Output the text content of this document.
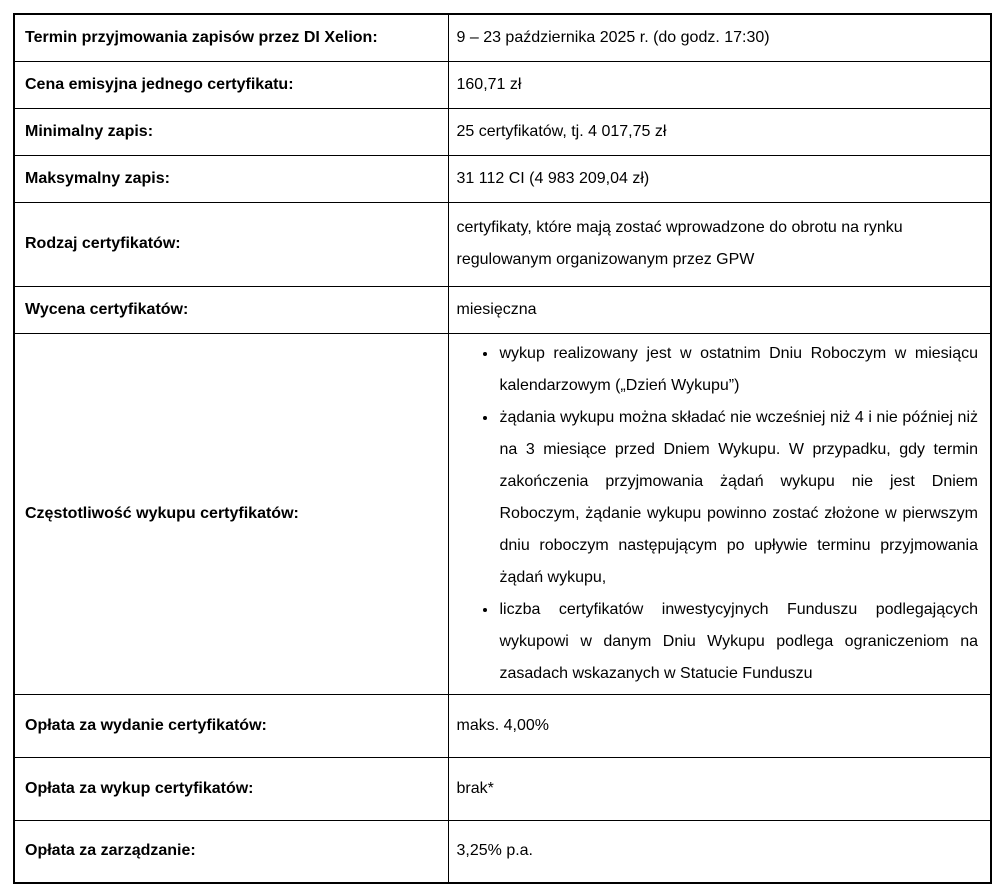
Termin przyjmowania zapisów przez DI Xelion:	9 – 23 października 2025 r. (do godz. 17:30)
Cena emisyjna jednego certyfikatu:	160,71 zł
Minimalny zapis:	25 certyfikatów, tj. 4 017,75 zł
Maksymalny zapis:	31 112 CI (4 983 209,04 zł)
Rodzaj certyfikatów:	certyfikaty, które mają zostać wprowadzone do obrotu na rynku regulowanym organizowanym przez GPW
Wycena certyfikatów:	miesięczna
Częstotliwość wykupu certyfikatów:	
• wykup realizowany jest w ostatnim Dniu Roboczym w miesiącu kalendarzowym („Dzień Wykupu”)
• żądania wykupu można składać nie wcześniej niż 4 i nie później niż na 3 miesiące przed Dniem Wykupu. W przypadku, gdy termin zakończenia przyjmowania żądań wykupu nie jest Dniem Roboczym, żądanie wykupu powinno zostać złożone w pierwszym dniu roboczym następującym po upływie terminu przyjmowania żądań wykupu,
• liczba certyfikatów inwestycyjnych Funduszu podlegających wykupowi w danym Dniu Wykupu podlega ograniczeniom na zasadach wskazanych w Statucie Funduszu

Opłata za wydanie certyfikatów:	maks. 4,00%
Opłata za wykup certyfikatów:	brak*
Opłata za zarządzanie:	3,25% p.a.
